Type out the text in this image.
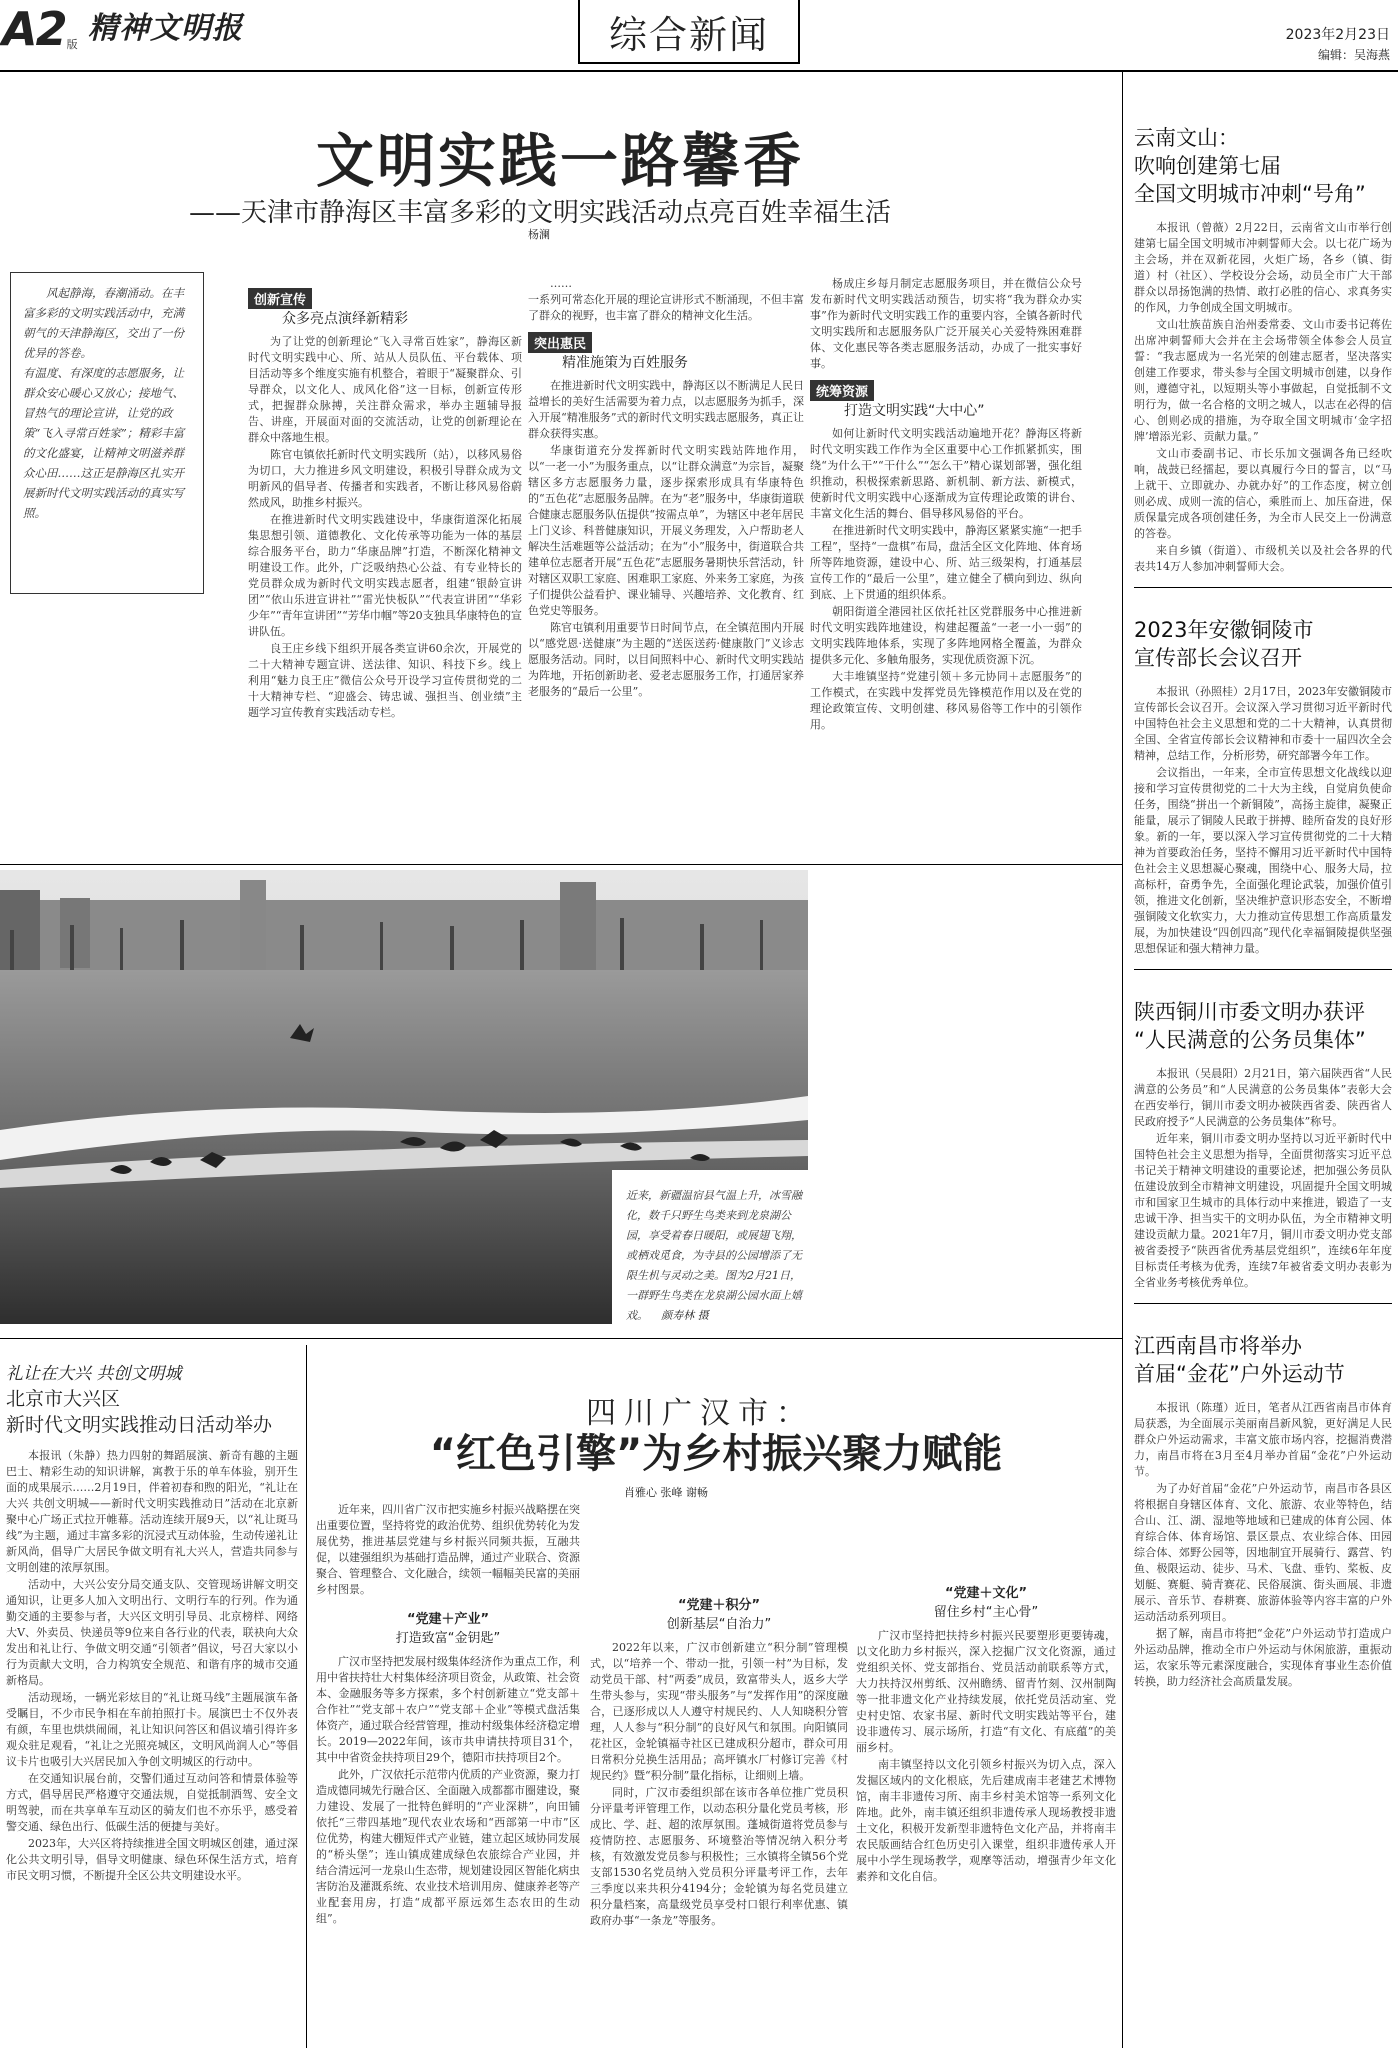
A2 版 精神文明报	综合新闻	2023年2月23日
编辑：吴海燕
文明实践一路馨香
——天津市静海区丰富多彩的文明实践活动点亮百姓幸福生活
杨澜
风起静海，春潮涌动。在丰富多彩的文明实践活动中，充满朝气的天津静海区，交出了一份优异的答卷。
有温度、有深度的志愿服务，让群众安心暖心又放心；接地气、冒热气的理论宣讲，让党的政策“飞入寻常百姓家”；精彩丰富的文化盛宴，让精神文明滋养群众心田……这正是静海区扎实开展新时代文明实践活动的真实写照。
创新宣传
众多亮点演绎新精彩

为了让党的创新理论“飞入寻常百姓家”，静海区新时代文明实践中心、所、站从人员队伍、平台载体、项目活动等多个维度实施有机整合，着眼于“凝聚群众、引导群众，以文化人、成风化俗”这一目标，创新宣传形式，把握群众脉搏，关注群众需求，举办主题辅导报告、讲座，开展面对面的交流活动，让党的创新理论在群众中落地生根。

陈官屯镇依托新时代文明实践所（站），以移风易俗为切口，大力推进乡风文明建设，积极引导群众成为文明新风的倡导者、传播者和实践者，不断让移风易俗蔚然成风，助推乡村振兴。

在推进新时代文明实践建设中，华康街道深化拓展集思想引领、道德教化、文化传承等功能为一体的基层综合服务平台，助力“华康品牌”打造，不断深化精神文明建设工作。此外，广泛吸纳热心公益、有专业特长的党员群众成为新时代文明实践志愿者，组建“银龄宣讲团”“依山乐进宣讲社”“雷光快板队”“代表宣讲团”“华彩少年”“青年宣讲团”“芳华巾帼”等20支独具华康特色的宣讲队伍。

良王庄乡线下组织开展各类宣讲60余次，开展党的二十大精神专题宣讲、送法律、知识、科技下乡。线上利用“魅力良王庄”微信公众号开设学习宣传贯彻党的二十大精神专栏、“迎盛会、铸忠诚、强担当、创业绩”主题学习宣传教育实践活动专栏。

……
一系列可常态化开展的理论宣讲形式不断涌现，不但丰富了群众的视野，也丰富了群众的精神文化生活。

突出惠民
精准施策为百姓服务

在推进新时代文明实践中，静海区以不断满足人民日益增长的美好生活需要为着力点，以志愿服务为抓手，深入开展“精准服务”式的新时代文明实践志愿服务，真正让群众获得实惠。

华康街道充分发挥新时代文明实践站阵地作用，以“一老一小”为服务重点，以“让群众满意”为宗旨，凝聚辖区多方志愿服务力量，逐步探索形成具有华康特色的“五色花”志愿服务品牌。在为“老”服务中，华康街道联合健康志愿服务队伍提供“按需点单”，为辖区中老年居民上门义诊、科普健康知识，开展义务理发，入户帮助老人解决生活难题等公益活动；在为“小”服务中，街道联合共建单位志愿者开展“五色花”志愿服务暑期快乐营活动，针对辖区双职工家庭、困难职工家庭、外来务工家庭，为孩子们提供公益看护、课业辅导、兴趣培养、文化教育、红色党史等服务。

陈官屯镇利用重要节日时间节点，在全镇范围内开展以“感党恩·送健康”为主题的“送医送药·健康散门”义诊志愿服务活动。同时，以目间照料中心、新时代文明实践站为阵地，开拓创新助老、爱老志愿服务工作，打通居家养老服务的“最后一公里”。

杨成庄乡每月制定志愿服务项目，并在微信公众号发布新时代文明实践活动预告，切实将“我为群众办实事”作为新时代文明实践工作的重要内容，全镇各新时代文明实践所和志愿服务队广泛开展关心关爱特殊困难群体、文化惠民等各类志愿服务活动，办成了一批实事好事。

统筹资源
打造文明实践“大中心”

如何让新时代文明实践活动遍地开花？静海区将新时代文明实践工作作为全区重要中心工作抓紧抓实，围绕“为什么干”“干什么”“怎么干”精心谋划部署，强化组织推动，积极探索新思路、新机制、新方法、新模式，使新时代文明实践中心逐渐成为宣传理论政策的讲台、丰富文化生活的舞台、倡导移风易俗的平台。

在推进新时代文明实践中，静海区紧紧实施“一把手工程”，坚持“一盘棋”布局，盘活全区文化阵地、体育场所等阵地资源，建设中心、所、站三级架构，打通基层宣传工作的“最后一公里”，建立健全了横向到边、纵向到底、上下贯通的组织体系。

朝阳街道全港园社区依托社区党群服务中心推进新时代文明实践阵地建设，构建起覆盖“一老一小一弱”的文明实践阵地体系，实现了多阵地网格全覆盖，为群众提供多元化、多触角服务，实现优质资源下沉。

大丰堆镇坚持“党建引领＋多元协同＋志愿服务”的工作模式，在实践中发挥党员先锋模范作用以及在党的理论政策宣传、文明创建、移风易俗等工作中的引领作用。

近来，新疆温宿县气温上升，冰雪融化，数千只野生鸟类来到龙泉湖公园，享受着春日暖阳，或展翅飞翔，或栖戏觅食，为寺县的公园增添了无限生机与灵动之美。图为2月21日，一群野生鸟类在龙泉湖公园水面上嬉戏。 颜寿林 摄
礼让在大兴 共创文明城
北京市大兴区
新时代文明实践推动日活动举办

本报讯（朱静）热力四射的舞蹈展演、新奇有趣的主题巴士、精彩生动的知识讲解，寓教于乐的单车体验，别开生面的成果展示……2月19日，伴着初春和煦的阳光，“礼让在大兴 共创文明城——新时代文明实践推动日”活动在北京新聚中心广场正式拉开帷幕。活动连续开展9天，以“礼让斑马线”为主题，通过丰富多彩的沉浸式互动体验，生动传递礼让新风尚，倡导广大居民争做文明有礼大兴人，营造共同参与文明创建的浓厚氛围。

活动中，大兴公安分局交通支队、交管现场讲解文明交通知识，让更多人加入文明出行、文明行车的行列。作为通勤交通的主要参与者，大兴区文明引导员、北京榜样、网络大V、外卖员、快递员等9位来自各行业的代表，联袂向大众发出和礼让行、争做文明交通“引领者”倡议，号召大家以小行为贡献大文明，合力构筑安全规范、和谐有序的城市交通新格局。

活动现场，一辆光彩炫目的“礼让斑马线”主题展演车备受瞩目，不少市民争相在车前拍照打卡。展演巴士不仅外表有颜，车里也烘烘闹闹，礼让知识问答区和倡议墙引得许多观众驻足观看，“礼让之光照亮城区，文明风尚润人心”等倡议卡片也吸引大兴居民加入争创文明城区的行动中。

在交通知识展台前，交警们通过互动问答和情景体验等方式，倡导居民严格遵守交通法规，自觉抵制酒驾、安全文明驾驶，而在共享单车互动区的骑友们也不亦乐乎，感受着警交通、绿色出行、低碳生活的便捷与美好。

2023年，大兴区将持续推进全国文明城区创建，通过深化公共文明引导，倡导文明健康、绿色环保生活方式，培育市民文明习惯，不断提升全区公共文明建设水平。

四川广汉市：
“红色引擎”为乡村振兴聚力赋能
肖雅心 张峰 谢畅

近年来，四川省广汉市把实施乡村振兴战略摆在突出重要位置，坚持将党的政治优势、组织优势转化为发展优势，推进基层党建与乡村振兴同频共振，互融共促，以建强组织为基础打造品牌，通过产业联合、资源聚合、管理整合、文化融合，续领一幅幅美民富的美丽乡村图景。

“党建＋产业”
打造致富“金钥匙”

广汉市坚持把发展村级集体经济作为重点工作，利用中省扶持壮大村集体经济项目资金，从政策、社会资本、金融服务等多方探索，多个村创新建立“党支部＋合作社”“党支部＋农户”“党支部＋企业”等模式盘活集体资产，通过联合经营管理，推动村级集体经济稳定增长。2019—2022年间，该市共申请扶持项目31个，其中中省资金扶持项目29个，德阳市扶持项目2个。

此外，广汉依托示范带内优质的产业资源，聚力打造成德同城先行融合区、全面融入成都都市圈建设，聚力建设、发展了一批特色鲜明的“产业深耕”，向田铺依托“三带四基地”现代农业农场和“西部第一中市”区位优势，构建大棚短伴式产业链，建立起区域协同发展的“桥头堡”；连山镇成建成绿色农旅综合产业园，并结合清远河一龙泉山生态带，规划建设园区智能化病虫害防治及灌溉系统、农业技术培训用房、健康养老等产业配套用房，打造“成都平原远郊生态农田的生动组”。

“党建＋积分”
创新基层“自治力”

2022年以来，广汉市创新建立“积分制”管理模式，以“培养一个、带动一批，引领一村”为目标，发动党员干部、村“两委”成员，致富带头人，返乡大学生带头参与，实现“带头服务”与“发挥作用”的深度融合，已逐形成以人人遵守村规民约、人人知晓积分管理，人人参与“积分制”的良好风气和氛围。向阳镇同花社区，金轮镇福寺社区已建成积分超市，群众可用日常积分兑换生活用品；高坪镇水厂村修订完善《村规民约》暨“积分制”量化指标，让细则上墙。

同时，广汉市委组织部在该市各单位推广党员积分评量考评管理工作，以动态积分量化党员考核，形成比、学、赶、超的浓厚氛围。蓬城街道将党员参与疫情防控、志愿服务、环境整治等情况纳入积分考核，有效激发党员参与积极性；三水镇将全镇56个党支部1530名党员纳入党员积分评量考评工作，去年三季度以来共积分4194分；金轮镇为每名党员建立积分量档案，高量级党员享受村口银行利率优惠、镇政府办事“一条龙”等服务。

“党建＋文化”
留住乡村“主心骨”

广汉市坚持把扶持乡村振兴民要塑形更要铸魂，以文化助力乡村振兴，深入挖掘广汉文化资源，通过党组织关怀、党支部指台、党员活动前联系等方式，大力扶持汉州剪纸、汉州瞻绣、留青竹刻、汉州制陶等一批非遗文化产业持续发展，依托党员活动室、党史村史馆、农家书屋、新时代文明实践站等平台，建设非遗传习、展示场所，打造“有文化、有底蕴”的美丽乡村。

南丰镇坚持以文化引领乡村振兴为切入点，深入发掘区域内的文化根底，先后建成南丰老建艺术博物馆，南丰非遗传习所、南丰乡村美术馆等一系列文化阵地。此外，南丰镇还组织非遗传承人现场教授非遗土文化，积极开发新型非遗特色文化产品，并将南丰农民版画结合红色历史引入课堂，组织非遗传承人开展中小学生现场教学，观摩等活动，增强青少年文化素养和文化自信。

云南文山：
吹响创建第七届
全国文明城市冲刺“号角”

本报讯（曾薇）2月22日，云南省文山市举行创建第七届全国文明城市冲刺誓师大会。以七花广场为主会场，并在双新花园，火炬广场，各乡（镇、街道）村（社区）、学校设分会场，动员全市广大干部群众以昂扬饱满的热情、敢打必胜的信心、求真务实的作风，力争创成全国文明城市。

文山壮族苗族自治州委常委、文山市委书记蒋佐出席冲刺誓师大会并在主会场带领全体参会人员宣誓：“我志愿成为一名光荣的创建志愿者，坚决落实创建工作要求，带头参与全国文明城市创建，以身作则，遵德守礼，以短期头等小事做起，自觉抵制不文明行为，做一名合格的文明之城人，以志在必得的信心、创则必成的措施，为夺取全国文明城市‘金字招牌’增添光彩、贡献力量。”

文山市委副书记、市长乐加文强调各角已经吹响，战鼓已经擂起，要以真履行今日的誓言，以“马上就干、立即就办、办就办好”的工作态度，树立创则必成、成则一流的信心，乘胜而上、加压奋进，保质保量完成各项创建任务，为全市人民交上一份满意的答卷。

来自乡镇（街道）、市级机关以及社会各界的代表共14万人参加冲刺誓师大会。

2023年安徽铜陵市
宣传部长会议召开

本报讯（孙照桂）2月17日，2023年安徽铜陵市宣传部长会议召开。会议深入学习贯彻习近平新时代中国特色社会主义思想和党的二十大精神，认真贯彻全国、全省宣传部长会议精神和市委十一届四次全会精神，总结工作，分析形势，研究部署今年工作。

会议指出，一年来，全市宣传思想文化战线以迎接和学习宣传贯彻党的二十大为主线，自觉肩负使命任务，围绕“拼出一个新铜陵”，高扬主旋律，凝聚正能量，展示了铜陵人民敢于拼搏、睦所奋发的良好形象。新的一年，要以深入学习宣传贯彻党的二十大精神为首要政治任务，坚持不懈用习近平新时代中国特色社会主义思想凝心聚魂，围绕中心、服务大局，拉高标杆，奋勇争先，全面强化理论武装，加强价值引领，推进文化创新，坚决维护意识形态安全，不断增强铜陵文化软实力，大力推动宣传思想工作高质量发展，为加快建设“四创四高”现代化幸福铜陵提供坚强思想保证和强大精神力量。

陕西铜川市委文明办获评
“人民满意的公务员集体”

本报讯（吴晨阳）2月21日，第六届陕西省“人民满意的公务员”和“人民满意的公务员集体”表彰大会在西安举行，铜川市委文明办被陕西省委、陕西省人民政府授予“人民满意的公务员集体”称号。

近年来，铜川市委文明办坚持以习近平新时代中国特色社会主义思想为指导，全面贯彻落实习近平总书记关于精神文明建设的重要论述，把加强公务员队伍建设放到全市精神文明建设，巩固提升全国文明城市和国家卫生城市的具体行动中来推进，锻造了一支忠诚干净、担当实干的文明办队伍，为全市精神文明建设贡献力量。2021年7月，铜川市委文明办党支部被省委授予“陕西省优秀基层党组织”，连续6年年度目标责任考核为优秀，连续7年被省委文明办表彰为全省业务考核优秀单位。

江西南昌市将举办
首届“金花”户外运动节

本报讯（陈瑾）近日，笔者从江西省南昌市体育局获悉，为全面展示美丽南昌新风貌，更好满足人民群众户外运动需求，丰富文旅市场内容，挖掘消费潜力，南昌市将在3月至4月举办首届“金花”户外运动节。

为了办好首届“金花”户外运动节，南昌市各县区将根据自身辖区体育、文化、旅游、农业等特色，结合山、江、湖、湿地等地域和已建成的体育公园、体育综合体、体育场馆、景区景点、农业综合体、田园综合体、郊野公园等，因地制宜开展骑行、露营、钓鱼、极限运动、徒步、马术、飞盘、垂钓、桨板、皮划艇、赛艇、骑青赛花、民俗展演、街头画展、非遗展示、音乐节、春耕赛、旅游体验等内容丰富的户外运动活动系列项目。

据了解，南昌市将把“金花”户外运动节打造成户外运动品牌，推动全市户外运动与休闲旅游，重振动运，农家乐等元素深度融合，实现体育事业生态价值转换，助力经济社会高质量发展。
